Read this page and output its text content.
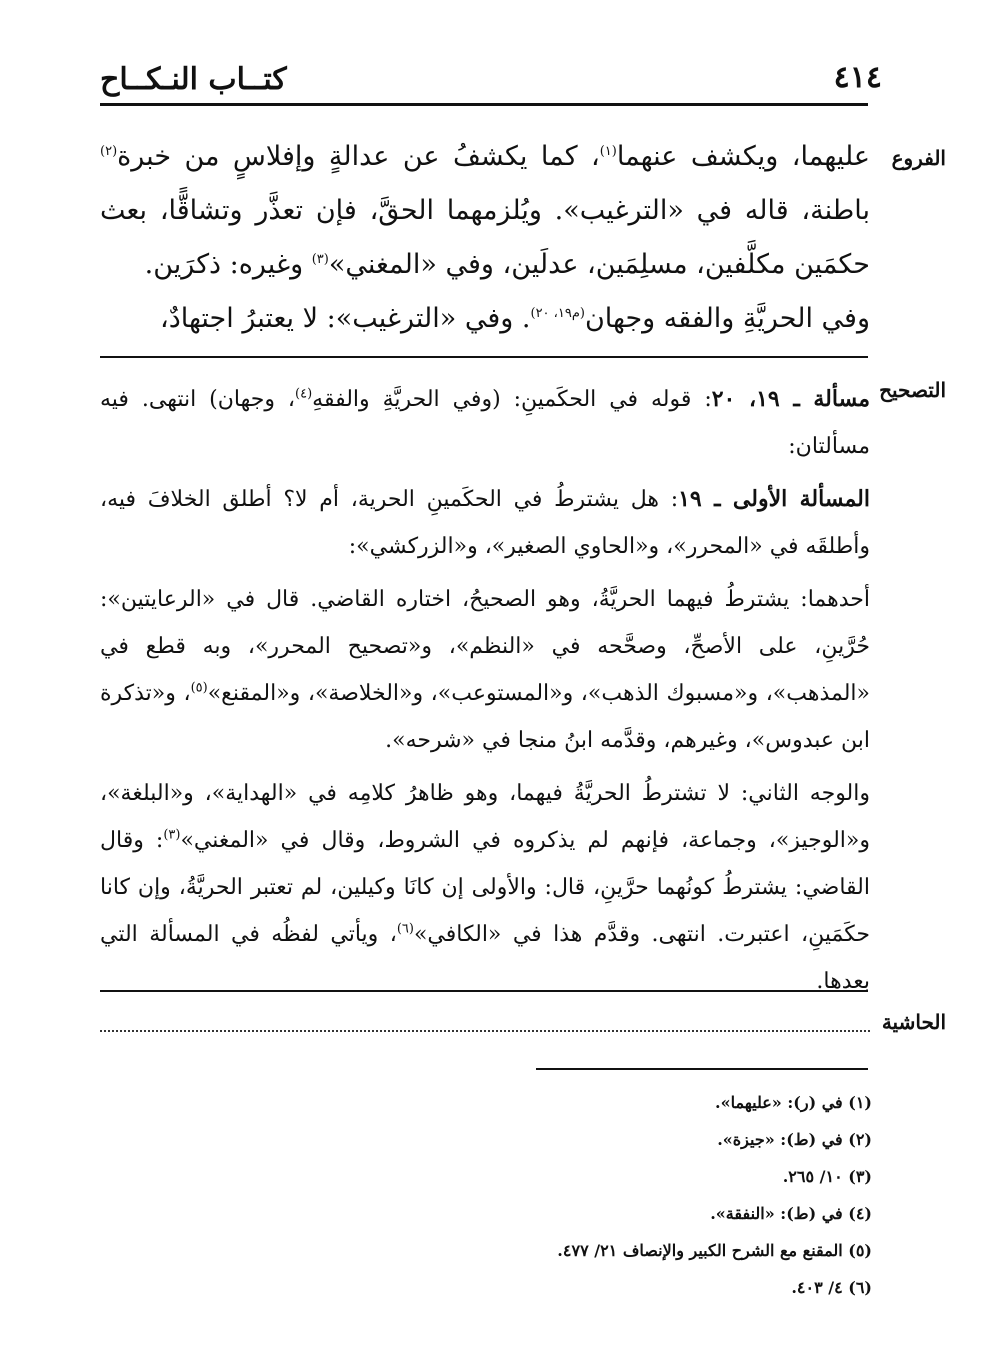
٤١٤
كتــاب النـكــاح
الفروع

عليهما، ويكشف عنهما$^{(١)}$، كما يكشفُ عن عدالةٍ وإفلاسٍ من خبرة$^{(٢)}$ باطنة، قاله في «الترغيب». ويُلزمهما الحقَّ، فإن تعذَّر وتشاقًّا، بعث حكمَين مكلَّفين، مسلِمَين، عدلَين، وفي «المغني»$^{(٣)}$ وغيره: ذكرَين.

وفي الحريَّةِ والفقه وجهان$^{(م١٩، ٢٠)}$. وفي «الترغيب»: لا يعتبرُ اجتهادٌ،

التصحيح

مسألة ـ ١٩، ٢٠: قوله في الحكَمينِ: (وفي الحريَّةِ والفقهِ$^{(٤)}$، وجهان) انتهى. فيه مسألتان:

المسألة الأولى ـ ١٩: هل يشترطُ في الحكَمينِ الحرية، أم لا؟ أطلق الخلافَ فيه، وأطلقَه في «المحرر»، و«الحاوي الصغير»، و«الزركشي»:

أحدهما: يشترطُ فيهما الحريَّةُ، وهو الصحيحُ، اختاره القاضي. قال في «الرعايتين»: حُرَّينِ، على الأصحِّ، وصحَّحه في «النظم»، و«تصحيح المحرر»، وبه قطع في «المذهب»، و«مسبوك الذهب»، و«المستوعب»، و«الخلاصة»، و«المقنع»$^{(٥)}$، و«تذكرة ابن عبدوس»، وغيرهم، وقدَّمه ابنُ منجا في «شرحه».

والوجه الثاني: لا تشترطُ الحريَّةُ فيهما، وهو ظاهرُ كلامِه في «الهداية»، و«البلغة»، و«الوجيز»، وجماعة، فإنهم لم يذكروه في الشروط، وقال في «المغني»$^{(٣)}$: وقال القاضي: يشترطُ كونُهما حرَّينِ، قال: والأولى إن كانَا وكيلين، لم تعتبر الحريَّةُ، وإن كانا حكَمَينِ، اعتبرت. انتهى. وقدَّم هذا في «الكافي»$^{(٦)}$، ويأتي لفظُه في المسألة التي بعدها.

الحاشية
(١) في (ر): «عليهما».
(٢) في (ط): «جيزة».
(٣) ١٠/ ٢٦٥.
(٤) في (ط): «النفقة».
(٥) المقنع مع الشرح الكبير والإنصاف ٢١/ ٤٧٧.
(٦) ٤/ ٤٠٣.
